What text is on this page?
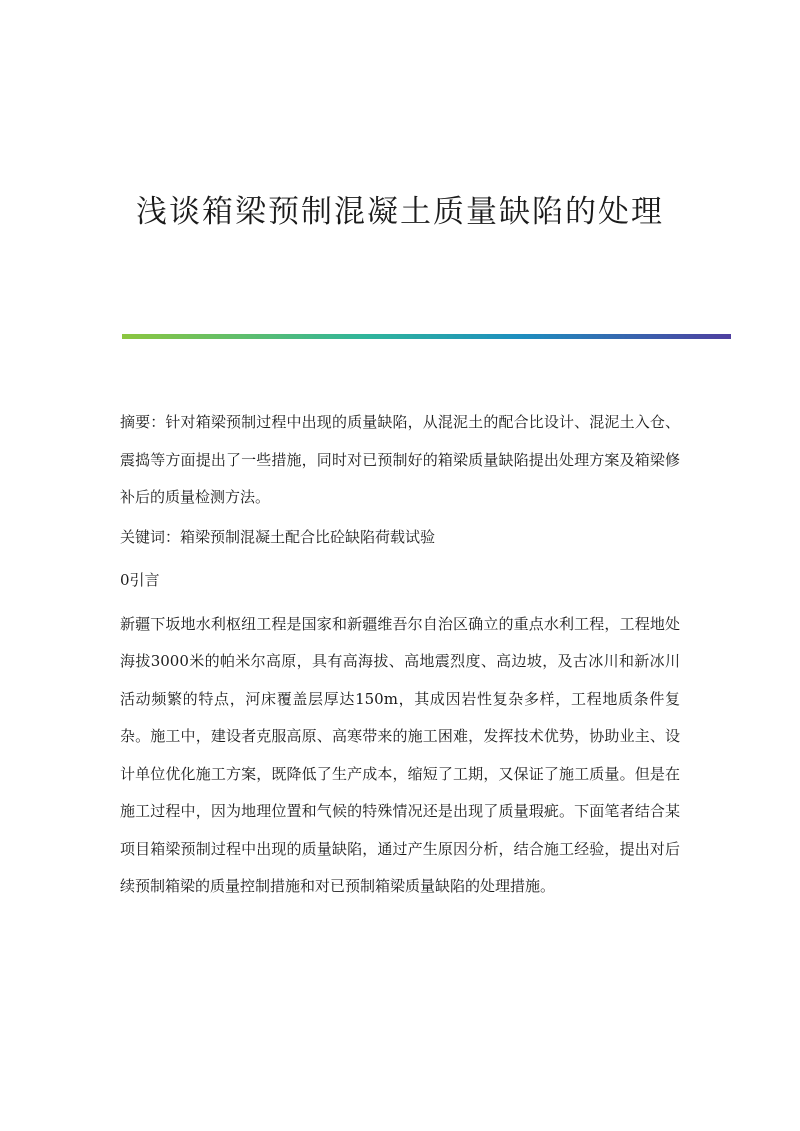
浅谈箱梁预制混凝土质量缺陷的处理

摘要：针对箱梁预制过程中出现的质量缺陷，从混泥土的配合比设计、混泥土入仓、震捣等方面提出了一些措施，同时对已预制好的箱梁质量缺陷提出处理方案及箱梁修补后的质量检测方法。

关键词：箱梁预制混凝土配合比砼缺陷荷载试验

0引言

新疆下坂地水利枢纽工程是国家和新疆维吾尔自治区确立的重点水利工程，工程地处海拔3000米的帕米尔高原，具有高海拔、高地震烈度、高边坡，及古冰川和新冰川活动频繁的特点，河床覆盖层厚达150m，其成因岩性复杂多样，工程地质条件复杂。施工中，建设者克服高原、高寒带来的施工困难，发挥技术优势，协助业主、设计单位优化施工方案，既降低了生产成本，缩短了工期，又保证了施工质量。但是在施工过程中，因为地理位置和气候的特殊情况还是出现了质量瑕疵。下面笔者结合某项目箱梁预制过程中出现的质量缺陷，通过产生原因分析，结合施工经验，提出对后续预制箱梁的质量控制措施和对已预制箱梁质量缺陷的处理措施。
